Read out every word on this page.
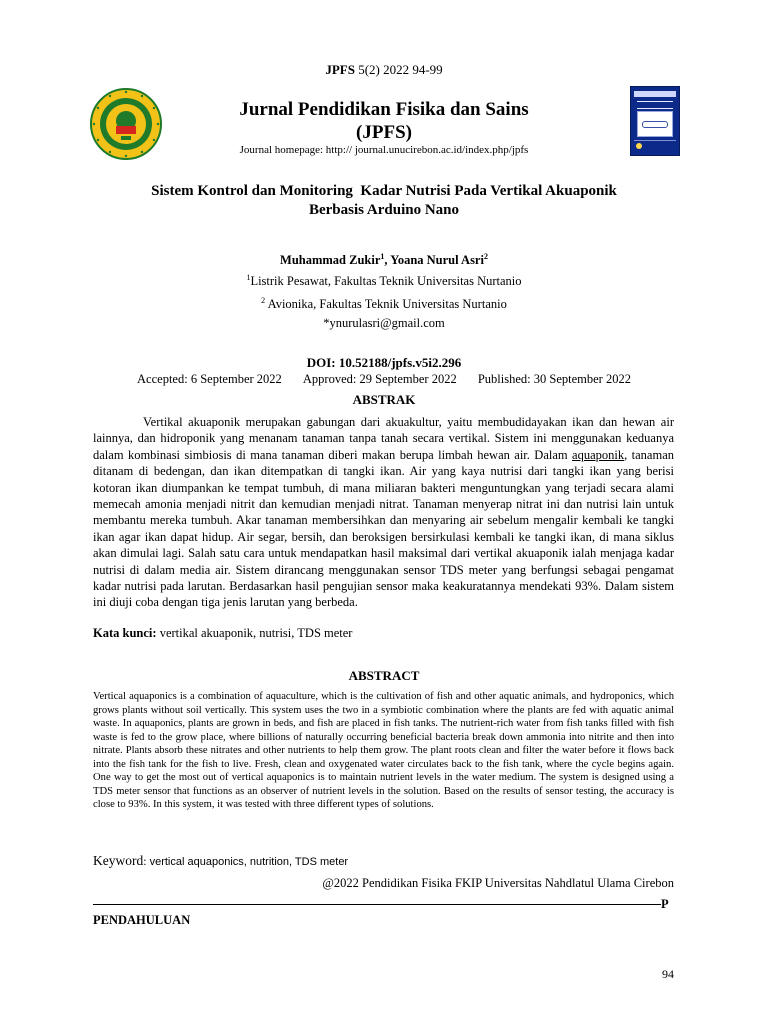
JPFS 5(2) 2022 94-99
Jurnal Pendidikan Fisika dan Sains
(JPFS)
Journal homepage: http:// journal.unucirebon.ac.id/index.php/jpfs
Sistem Kontrol dan Monitoring  Kadar Nutrisi Pada Vertikal Akuaponik
Berbasis Arduino Nano
Muhammad Zukir$^1$, Yoana Nurul Asri$^2$
$^1$Listrik Pesawat, Fakultas Teknik Universitas Nurtanio
$^2$ Avionika, Fakultas Teknik Universitas Nurtanio
*ynurulasri@gmail.com
DOI: 10.52188/jpfs.v5i2.296
Accepted: 6 September 2022 Approved: 29 September 2022 Published: 30 September 2022
ABSTRAK

Vertikal akuaponik merupakan gabungan dari akuakultur, yaitu membudidayakan ikan dan hewan air lainnya, dan hidroponik yang menanam tanaman tanpa tanah secara vertikal. Sistem ini menggunakan keduanya dalam kombinasi simbiosis di mana tanaman diberi makan berupa limbah hewan air. Dalam aquaponik, tanaman ditanam di bedengan, dan ikan ditempatkan di tangki ikan. Air yang kaya nutrisi dari tangki ikan yang berisi kotoran ikan diumpankan ke tempat tumbuh, di mana miliaran bakteri menguntungkan yang terjadi secara alami memecah amonia menjadi nitrit dan kemudian menjadi nitrat. Tanaman menyerap nitrat ini dan nutrisi lain untuk membantu mereka tumbuh. Akar tanaman membersihkan dan menyaring air sebelum mengalir kembali ke tangki ikan agar ikan dapat hidup. Air segar, bersih, dan beroksigen bersirkulasi kembali ke tangki ikan, di mana siklus akan dimulai lagi. Salah satu cara untuk mendapatkan hasil maksimal dari vertikal akuaponik ialah menjaga kadar nutrisi di dalam media air. Sistem dirancang menggunakan sensor TDS meter yang berfungsi sebagai pengamat kadar nutrisi pada larutan. Berdasarkan hasil pengujian sensor maka keakuratannya mendekati 93%. Dalam sistem ini diuji coba dengan tiga jenis larutan yang berbeda.

Kata kunci: vertikal akuaponik, nutrisi, TDS meter
ABSTRACT

Vertical aquaponics is a combination of aquaculture, which is the cultivation of fish and other aquatic animals, and hydroponics, which grows plants without soil vertically. This system uses the two in a symbiotic combination where the plants are fed with aquatic animal waste. In aquaponics, plants are grown in beds, and fish are placed in fish tanks. The nutrient-rich water from fish tanks filled with fish waste is fed to the grow place, where billions of naturally occurring beneficial bacteria break down ammonia into nitrite and then into nitrate. Plants absorb these nitrates and other nutrients to help them grow. The plant roots clean and filter the water before it flows back into the fish tank for the fish to live. Fresh, clean and oxygenated water circulates back to the fish tank, where the cycle begins again. One way to get the most out of vertical aquaponics is to maintain nutrient levels in the water medium. The system is designed using a TDS meter sensor that functions as an observer of nutrient levels in the solution. Based on the results of sensor testing, the accuracy is close to 93%. In this system, it was tested with three different types of solutions.

Keyword: vertical aquaponics, nutrition, TDS meter
@2022 Pendidikan Fisika FKIP Universitas Nahdlatul Ulama Cirebon
P
PENDAHULUAN
94
